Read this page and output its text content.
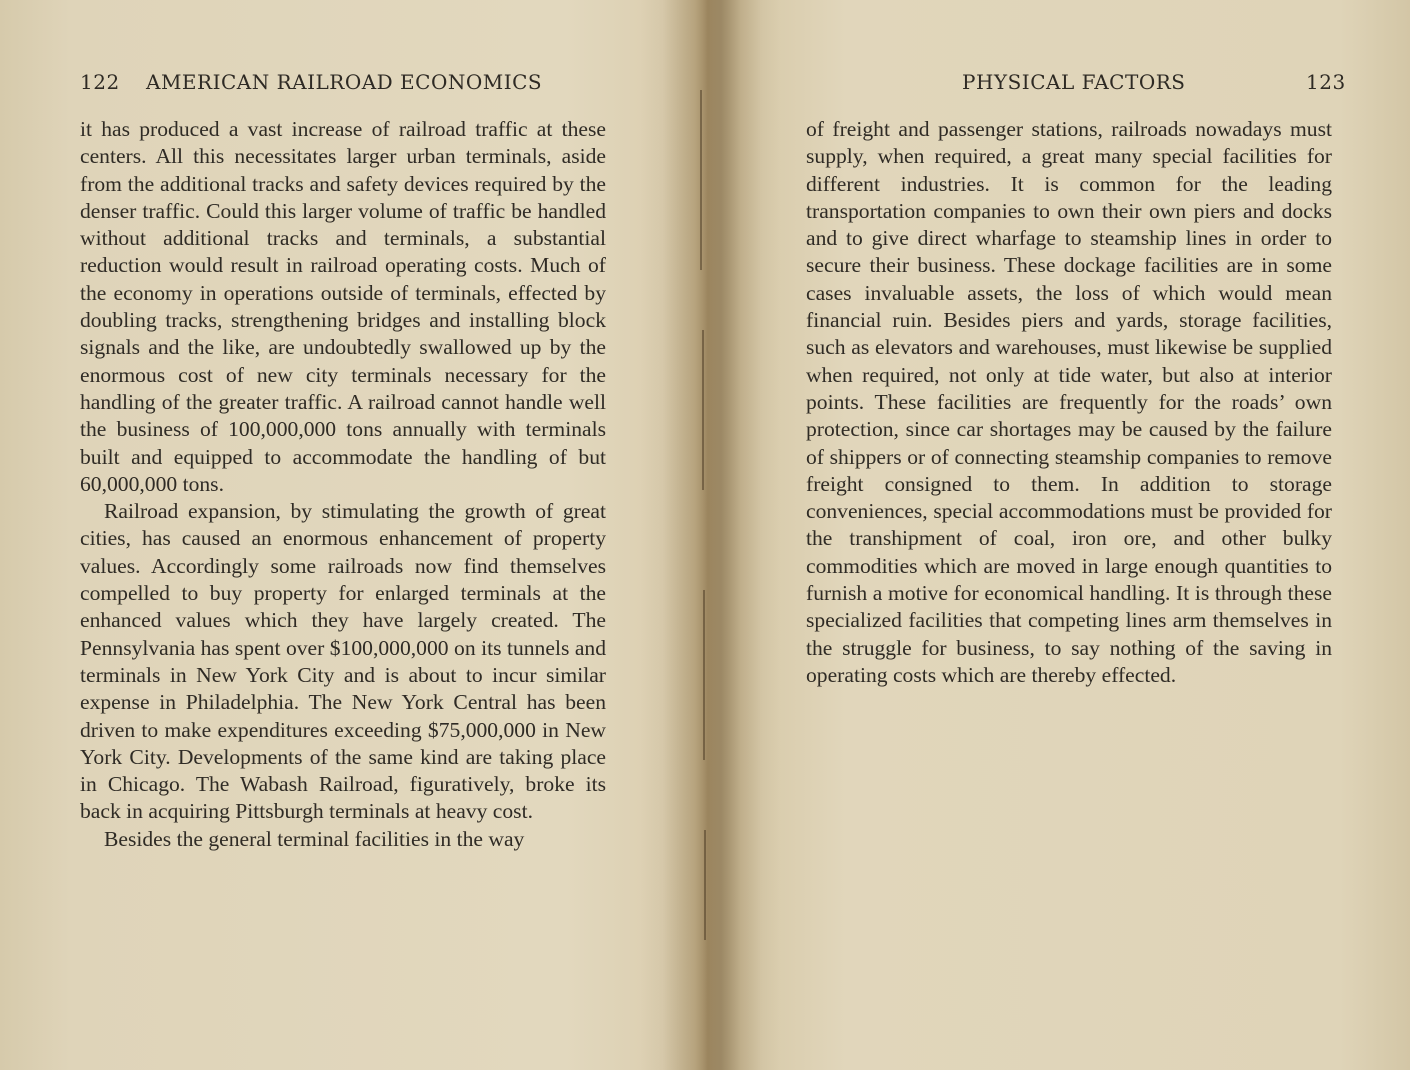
122 AMERICAN RAILROAD ECONOMICS

it has produced a vast increase of railroad traffic at these centers. All this necessitates larger urban terminals, aside from the additional tracks and safety devices required by the denser traffic. Could this larger volume of traffic be handled without additional tracks and terminals, a substantial reduction would result in railroad operating costs. Much of the economy in operations outside of terminals, effected by doubling tracks, strengthening bridges and installing block signals and the like, are undoubtedly swallowed up by the enormous cost of new city terminals necessary for the handling of the greater traffic. A railroad cannot handle well the business of 100,000,000 tons annually with terminals built and equipped to accommodate the handling of but 60,000,000 tons.

Railroad expansion, by stimulating the growth of great cities, has caused an enormous enhancement of property values. Accordingly some railroads now find themselves compelled to buy property for enlarged terminals at the enhanced values which they have largely created. The Pennsylvania has spent over $100,000,000 on its tunnels and terminals in New York City and is about to incur similar expense in Philadelphia. The New York Central has been driven to make expenditures exceeding $75,000,000 in New York City. Developments of the same kind are taking place in Chicago. The Wabash Railroad, figuratively, broke its back in acquiring Pittsburgh terminals at heavy cost.

Besides the general terminal facilities in the way

PHYSICAL FACTORS	123

of freight and passenger stations, railroads nowadays must supply, when required, a great many special facilities for different industries. It is common for the leading transportation companies to own their own piers and docks and to give direct wharfage to steamship lines in order to secure their business. These dockage facilities are in some cases invaluable assets, the loss of which would mean financial ruin. Besides piers and yards, storage facilities, such as elevators and warehouses, must likewise be supplied when required, not only at tide water, but also at interior points. These facilities are frequently for the roads’ own protection, since car shortages may be caused by the failure of shippers or of connecting steamship companies to remove freight consigned to them. In addition to storage conveniences, special accommodations must be provided for the transhipment of coal, iron ore, and other bulky commodities which are moved in large enough quantities to furnish a motive for economical handling. It is through these specialized facilities that competing lines arm themselves in the struggle for business, to say nothing of the saving in operating costs which are thereby effected.
